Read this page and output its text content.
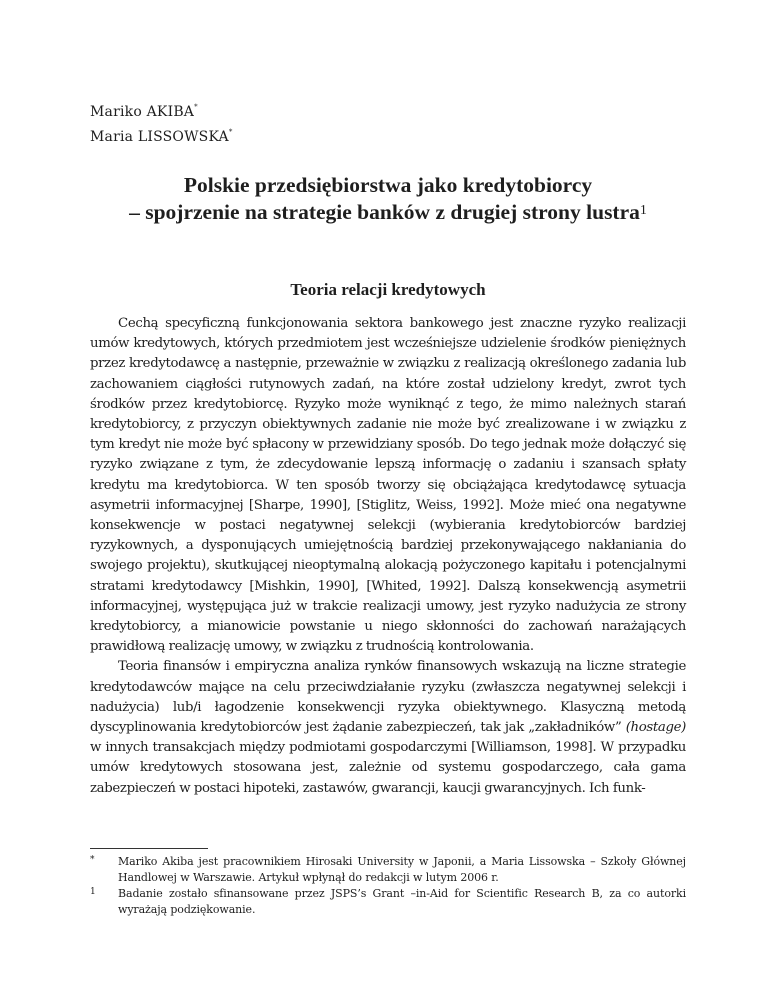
Mariko AKIBA*
Maria LISSOWSKA*
Polskie przedsiębiorstwa jako kredytobiorcy
– spojrzenie na strategie banków z drugiej strony lustra$^1$
Teoria relacji kredytowych

Cechą specyficzną funkcjonowania sektora bankowego jest znaczne ryzyko realizacji umów kredytowych, których przedmiotem jest wcześniejsze udzielenie środków pieniężnych przez kredytodawcę a następnie, przeważnie w związku z realizacją określonego zadania lub zachowaniem ciągłości rutynowych zadań, na które został udzielony kredyt, zwrot tych środków przez kredytobiorcę. Ryzyko może wyniknąć z tego, że mimo należnych starań kredytobiorcy, z przyczyn obiektywnych zadanie nie może być zrealizowane i w związku z tym kredyt nie może być spłacony w przewidziany sposób. Do tego jednak może dołączyć się ryzyko związane z tym, że zdecydowanie lepszą informację o zadaniu i szansach spłaty kredytu ma kredytobiorca. W ten sposób tworzy się obciążająca kredytodawcę sytuacja asymetrii informacyjnej [Sharpe, 1990], [Stiglitz, Weiss, 1992]. Może mieć ona negatywne konsekwencje w postaci negatywnej selekcji (wybierania kredytobiorców bardziej ryzykownych, a dysponujących umiejętnością bardziej przekonywającego nakłaniania do swojego projektu), skutkującej nieoptymalną alokacją pożyczonego kapitału i potencjalnymi stratami kredytodawcy [Mishkin, 1990], [Whited, 1992]. Dalszą konsekwencją asymetrii informacyjnej, występująca już w trakcie realizacji umowy, jest ryzyko nadużycia ze strony kredytobiorcy, a mianowicie powstanie u niego skłonności do zachowań narażających prawidłową realizację umowy, w związku z trudnością kontrolowania.

Teoria finansów i empiryczna analiza rynków finansowych wskazują na liczne strategie kredytodawców mające na celu przeciwdziałanie ryzyku (zwłaszcza negatywnej selekcji i nadużycia) lub/i łagodzenie konsekwencji ryzyka obiektywnego. Klasyczną metodą dyscyplinowania kredytobiorców jest żądanie zabezpieczeń, tak jak „zakładników” (hostage) w innych transakcjach między podmiotami gospodarczymi [Williamson, 1998]. W przypadku umów kredytowych stosowana jest, zależnie od systemu gospodarczego, cała gama zabezpieczeń w postaci hipoteki, zastawów, gwarancji, kaucji gwarancyjnych. Ich funk-

* Mariko Akiba jest pracownikiem Hirosaki University w Japonii, a Maria Lissowska – Szkoły Głównej Handlowej w Warszawie. Artykuł wpłynął do redakcji w lutym 2006 r.
1 Badanie zostało sfinansowane przez JSPS’s Grant –in-Aid for Scientific Research B, za co autorki wyrażają podziękowanie.
